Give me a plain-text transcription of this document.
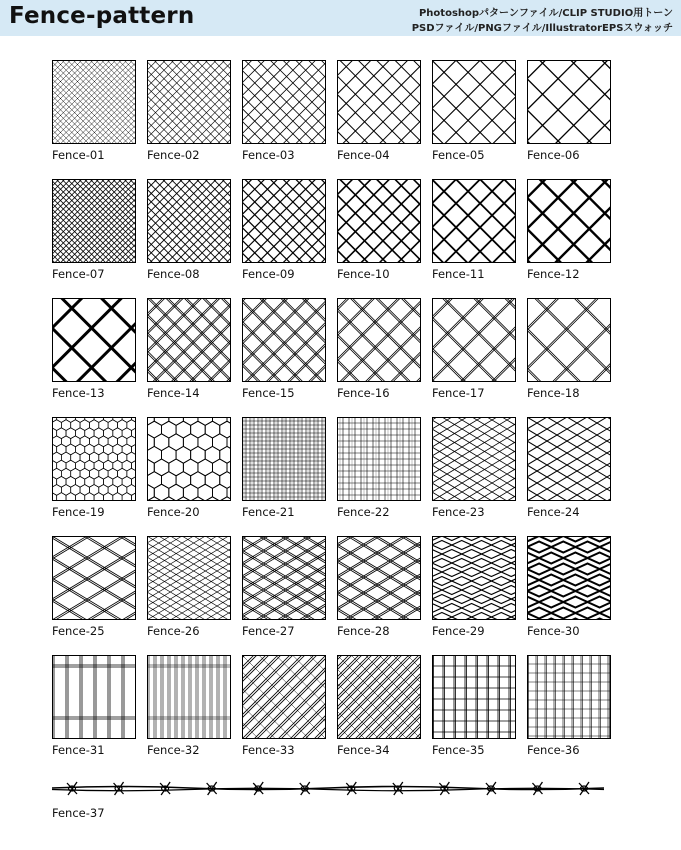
Fence-pattern	Photoshopパターンファイル/CLIP STUDIO用トーン
PSDファイル/PNGファイル/IllustratorEPSスウォッチ
Fence-01	Fence-02	Fence-03	Fence-04	Fence-05	Fence-06
Fence-07	Fence-08	Fence-09	Fence-10	Fence-11	Fence-12
Fence-13	Fence-14	Fence-15	Fence-16	Fence-17	Fence-18
Fence-19	Fence-20	Fence-21	Fence-22	Fence-23	Fence-24
Fence-25	Fence-26	Fence-27	Fence-28	Fence-29	Fence-30
Fence-31	Fence-32	Fence-33	Fence-34	Fence-35	Fence-36
Fence-37
